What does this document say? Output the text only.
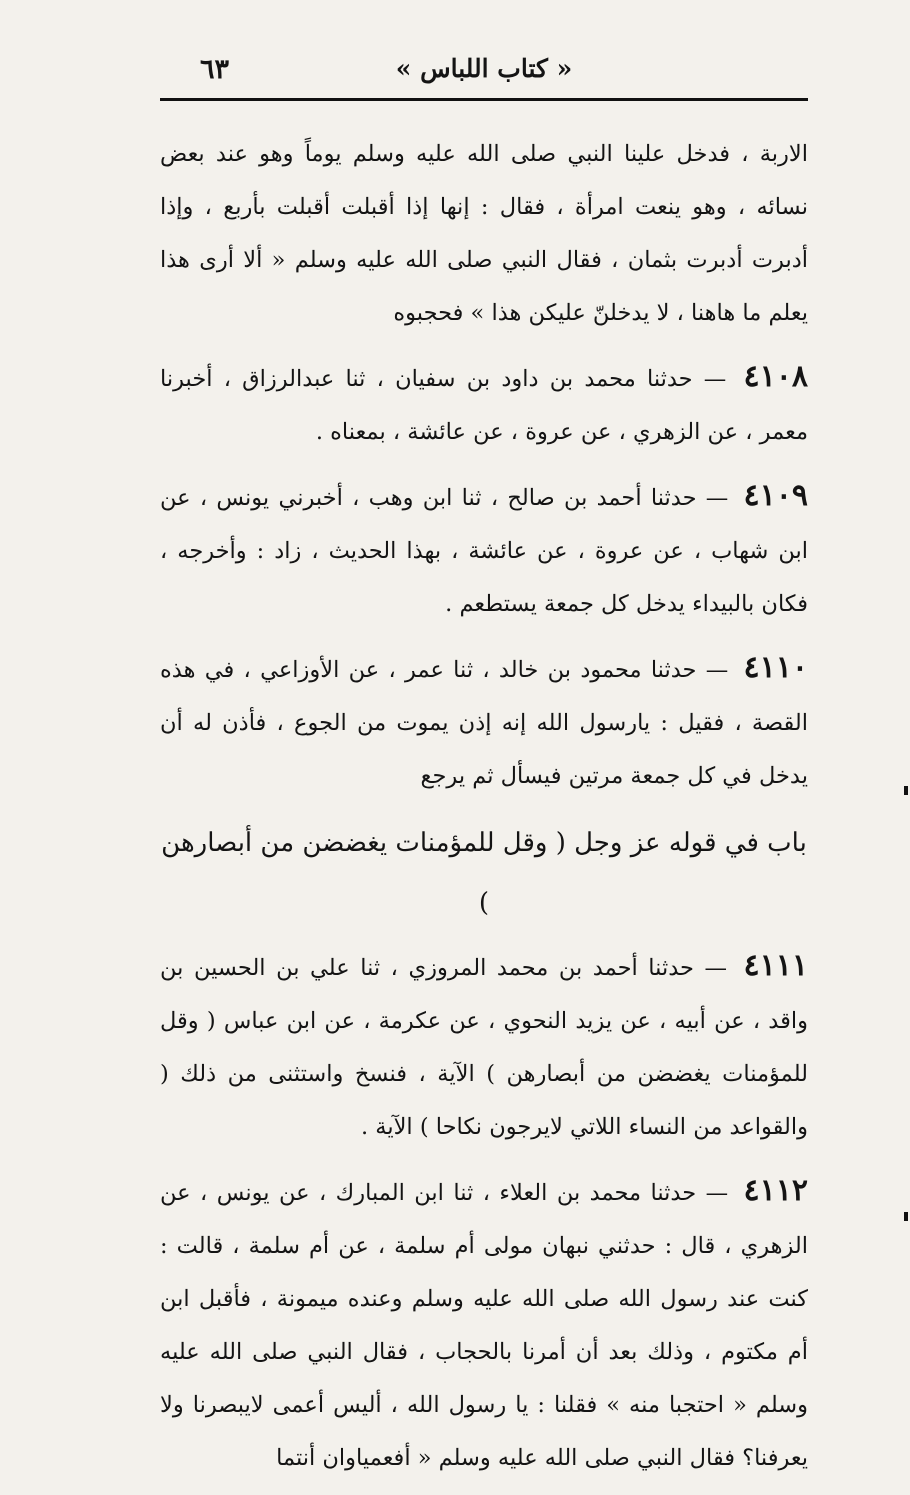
٦٣	« كتاب اللباس »

الاربة ، فدخل علينا النبي صلى الله عليه وسلم يوماً وهو عند بعض نسائه ، وهو ينعت امرأة ، فقال : إنها إذا أقبلت أقبلت بأربع ، وإذا أدبرت أدبرت بثمان ، فقال النبي صلى الله عليه وسلم « ألا أرى هذا يعلم ما هاهنا ، لا يدخلنّ عليكن هذا » فحجبوه

٤١٠٨ — حدثنا محمد بن داود بن سفيان ، ثنا عبدالرزاق ، أخبرنا معمر ، عن الزهري ، عن عروة ، عن عائشة ، بمعناه .

٤١٠٩ — حدثنا أحمد بن صالح ، ثنا ابن وهب ، أخبرني يونس ، عن ابن شهاب ، عن عروة ، عن عائشة ، بهذا الحديث ، زاد : وأخرجه ، فكان بالبيداء يدخل كل جمعة يستطعم .

٤١١٠ — حدثنا محمود بن خالد ، ثنا عمر ، عن الأوزاعي ، في هذه القصة ، فقيل : يارسول الله إنه إذن يموت من الجوع ، فأذن له أن يدخل في كل جمعة مرتين فيسأل ثم يرجع

باب في قوله عز وجل ( وقل للمؤمنات يغضضن من أبصارهن )

٤١١١ — حدثنا أحمد بن محمد المروزي ، ثنا علي بن الحسين بن واقد ، عن أبيه ، عن يزيد النحوي ، عن عكرمة ، عن ابن عباس ( وقل للمؤمنات يغضضن من أبصارهن ) الآية ، فنسخ واستثنى من ذلك ( والقواعد من النساء اللاتي لايرجون نكاحا ) الآية .

٤١١٢ — حدثنا محمد بن العلاء ، ثنا ابن المبارك ، عن يونس ، عن الزهري ، قال : حدثني نبهان مولى أم سلمة ، عن أم سلمة ، قالت : كنت عند رسول الله صلى الله عليه وسلم وعنده ميمونة ، فأقبل ابن أم مكتوم ، وذلك بعد أن أمرنا بالحجاب ، فقال النبي صلى الله عليه وسلم « احتجبا منه » فقلنا : يا رسول الله ، أليس أعمى لايبصرنا ولا يعرفنا؟ فقال النبي صلى الله عليه وسلم « أفعمياوان أنتما
